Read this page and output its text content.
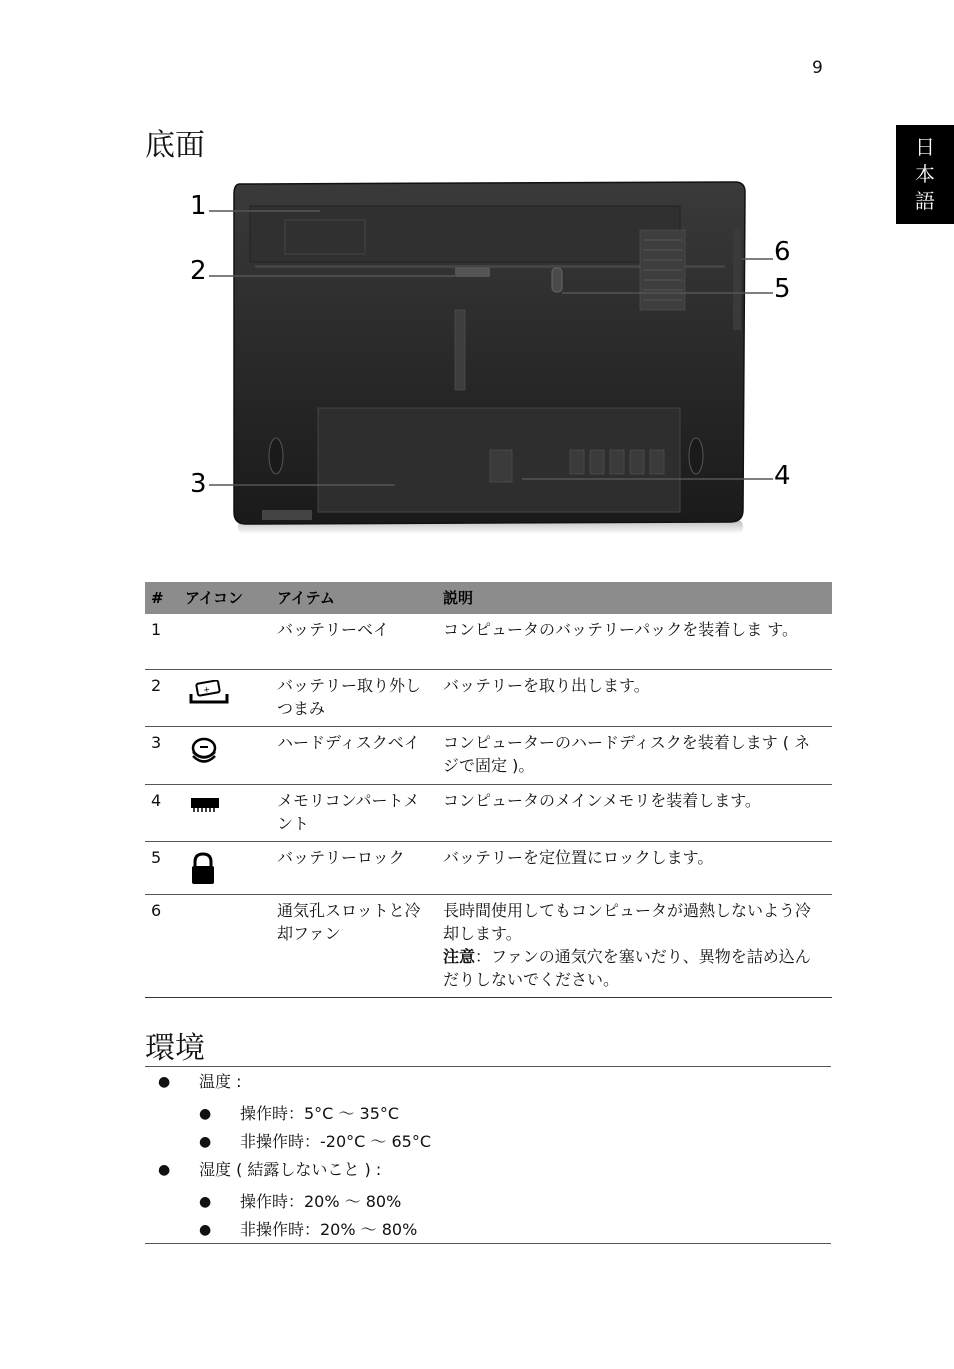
9
日
本
語
底面
1
2
3	4
5
6
#	アイコン	アイテム	説明
1		バッテリーベイ	コンピュータのバッテリーパックを装着しま す。
2	+	バッテリー取り外しつまみ	バッテリーを取り出します。
3		ハードディスクベイ	コンピューターのハードディスクを装着します ( ネジで固定 )。
4		メモリコンパートメント	コンピュータのメインメモリを装着します。
5		バッテリーロック	バッテリーを定位置にロックします。
6		通気孔スロットと冷却ファン	長時間使用してもコンピュータが過熱しないよう冷却します。
注意：ファンの通気穴を塞いだり、異物を詰め込んだりしないでください。
環境
● 温度 :
● 操作時：5°C ～ 35°C
● 非操作時：-20°C ～ 65°C
● 湿度 ( 結露しないこと ) :
● 操作時：20% ～ 80%
● 非操作時：20% ～ 80%
